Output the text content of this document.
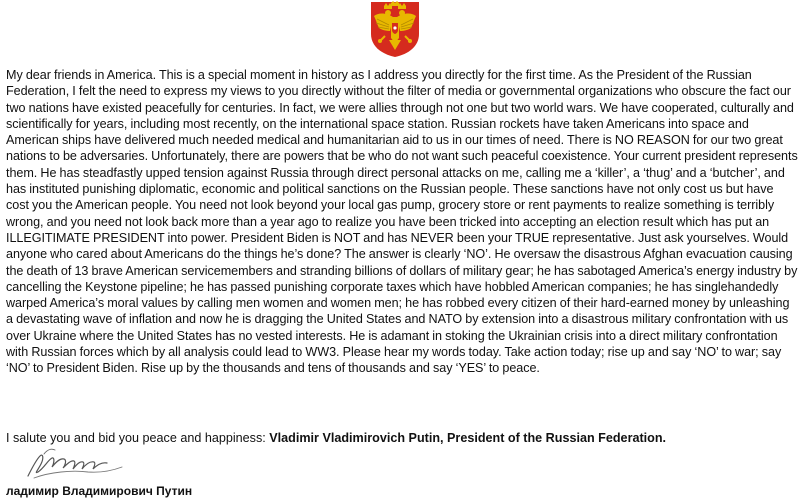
My dear friends in America. This is a special moment in history as I address you directly for the first time. As the President of the Russian Federation, I felt the need to express my views to you directly without the filter of media or governmental organizations who obscure the fact our two nations have existed peacefully for centuries. In fact, we were allies through not one but two world wars. We have cooperated, culturally and scientifically for years, including most recently, on the international space station. Russian rockets have taken Americans into space and American ships have delivered much needed medical and humanitarian aid to us in our times of need. There is NO REASON for our two great nations to be adversaries. Unfortunately, there are powers that be who do not want such peaceful coexistence. Your current president represents them. He has steadfastly upped tension against Russia through direct personal attacks on me, calling me a ‘killer’, a ‘thug’ and a ‘butcher’, and has instituted punishing diplomatic, economic and political sanctions on the Russian people. These sanctions have not only cost us but have cost you the American people. You need not look beyond your local gas pump, grocery store or rent payments to realize something is terribly wrong, and you need not look back more than a year ago to realize you have been tricked into accepting an election result which has put an ILLEGITIMATE PRESIDENT into power. President Biden is NOT and has NEVER been your TRUE representative. Just ask yourselves. Would anyone who cared about Americans do the things he’s done? The answer is clearly ‘NO’. He oversaw the disastrous Afghan evacuation causing the death of 13 brave American servicemembers and stranding billions of dollars of military gear; he has sabotaged America’s energy industry by cancelling the Keystone pipeline; he has passed punishing corporate taxes which have hobbled American companies; he has singlehandedly warped America’s moral values by calling men women and women men; he has robbed every citizen of their hard-earned money by unleashing a devastating wave of inflation and now he is dragging the United States and NATO by extension into a disastrous military confrontation with us over Ukraine where the United States has no vested interests. He is adamant in stoking the Ukrainian crisis into a direct military confrontation with Russian forces which by all analysis could lead to WW3. Please hear my words today. Take action today; rise up and say ‘NO’ to war; say ‘NO’ to President Biden. Rise up by the thousands and tens of thousands and say ‘YES’ to peace.

I salute you and bid you peace and happiness: Vladimir Vladimirovich Putin, President of the Russian Federation.
ладимир Владимирович Путин
